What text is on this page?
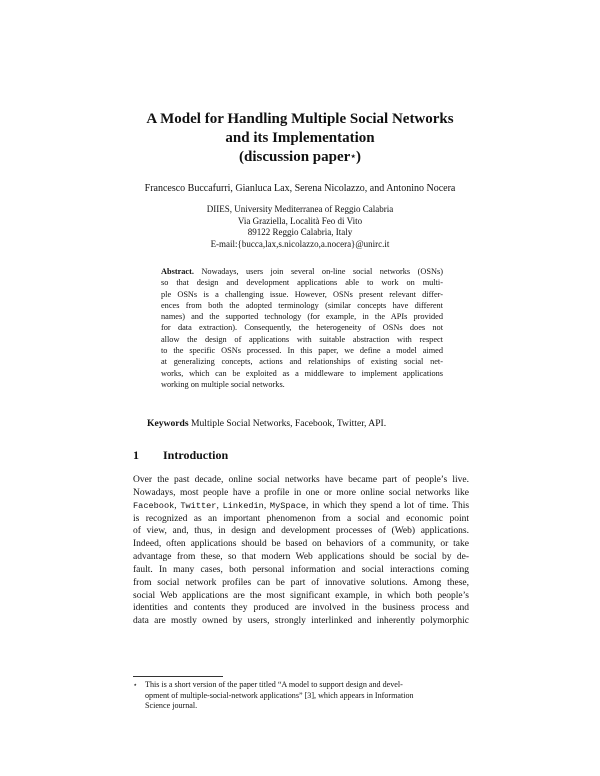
A Model for Handling Multiple Social Networks
and its Implementation
(discussion paper⋆)
Francesco Buccafurri, Gianluca Lax, Serena Nicolazzo, and Antonino Nocera
DIIES, University Mediterranea of Reggio Calabria
Via Graziella, Località Feo di Vito
89122 Reggio Calabria, Italy
E-mail:{bucca,lax,s.nicolazzo,a.nocera}@unirc.it
Abstract. Nowadays, users join several on-line social networks (OSNs)
so that design and development applications able to work on multi-
ple OSNs is a challenging issue. However, OSNs present relevant differ-
ences from both the adopted terminology (similar concepts have different
names) and the supported technology (for example, in the APIs provided
for data extraction). Consequently, the heterogeneity of OSNs does not
allow the design of applications with suitable abstraction with respect
to the specific OSNs processed. In this paper, we define a model aimed
at generalizing concepts, actions and relationships of existing social net-
works, which can be exploited as a middleware to implement applications
working on multiple social networks.
Keywords Multiple Social Networks, Facebook, Twitter, API.
1 Introduction
Over the past decade, online social networks have became part of people’s live.
Nowadays, most people have a profile in one or more online social networks like
Facebook, Twitter, Linkedin, MySpace, in which they spend a lot of time. This
is recognized as an important phenomenon from a social and economic point
of view, and, thus, in design and development processes of (Web) applications.
Indeed, often applications should be based on behaviors of a community, or take
advantage from these, so that modern Web applications should be social by de-
fault. In many cases, both personal information and social interactions coming
from social network profiles can be part of innovative solutions. Among these,
social Web applications are the most significant example, in which both people’s
identities and contents they produced are involved in the business process and
data are mostly owned by users, strongly interlinked and inherently polymorphic
⋆ This is a short version of the paper titled “A model to support design and devel-
opment of multiple-social-network applications” [3], which appears in Information
Science journal.
